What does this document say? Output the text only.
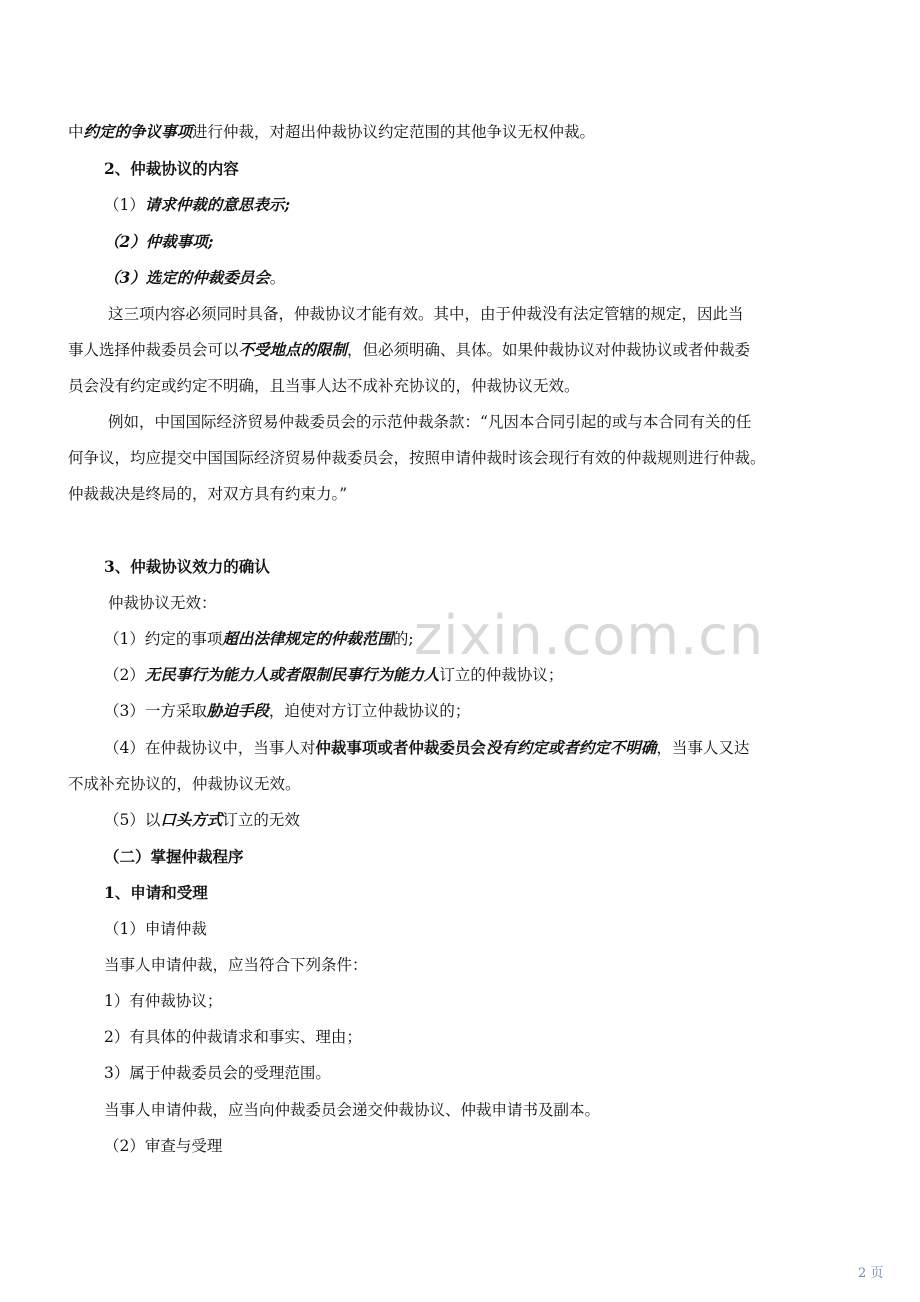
zixin.com.cn
中约定的争议事项进行仲裁，对超出仲裁协议约定范围的其他争议无权仲裁。
2、仲裁协议的内容
（1）请求仲裁的意思表示;
（2）仲裁事项;
（3）选定的仲裁委员会。
这三项内容必须同时具备，仲裁协议才能有效。其中，由于仲裁没有法定管辖的规定，因此当
事人选择仲裁委员会可以不受地点的限制，但必须明确、具体。如果仲裁协议对仲裁协议或者仲裁委
员会没有约定或约定不明确，且当事人达不成补充协议的，仲裁协议无效。
例如，中国国际经济贸易仲裁委员会的示范仲裁条款：“凡因本合同引起的或与本合同有关的任
何争议，均应提交中国国际经济贸易仲裁委员会，按照申请仲裁时该会现行有效的仲裁规则进行仲裁。
仲裁裁决是终局的，对双方具有约束力。”
3、仲裁协议效力的确认
仲裁协议无效：
（1）约定的事项超出法律规定的仲裁范围的;
（2）无民事行为能力人或者限制民事行为能力人订立的仲裁协议；
（3）一方采取胁迫手段，迫使对方订立仲裁协议的；
（4）在仲裁协议中，当事人对仲裁事项或者仲裁委员会没有约定或者约定不明确，当事人又达
不成补充协议的，仲裁协议无效。
（5）以口头方式订立的无效
（二）掌握仲裁程序
1、申请和受理
（1）申请仲裁
当事人申请仲裁，应当符合下列条件：
1）有仲裁协议；
2）有具体的仲裁请求和事实、理由；
3）属于仲裁委员会的受理范围。
当事人申请仲裁，应当向仲裁委员会递交仲裁协议、仲裁申请书及副本。
（2）审查与受理
2 页
